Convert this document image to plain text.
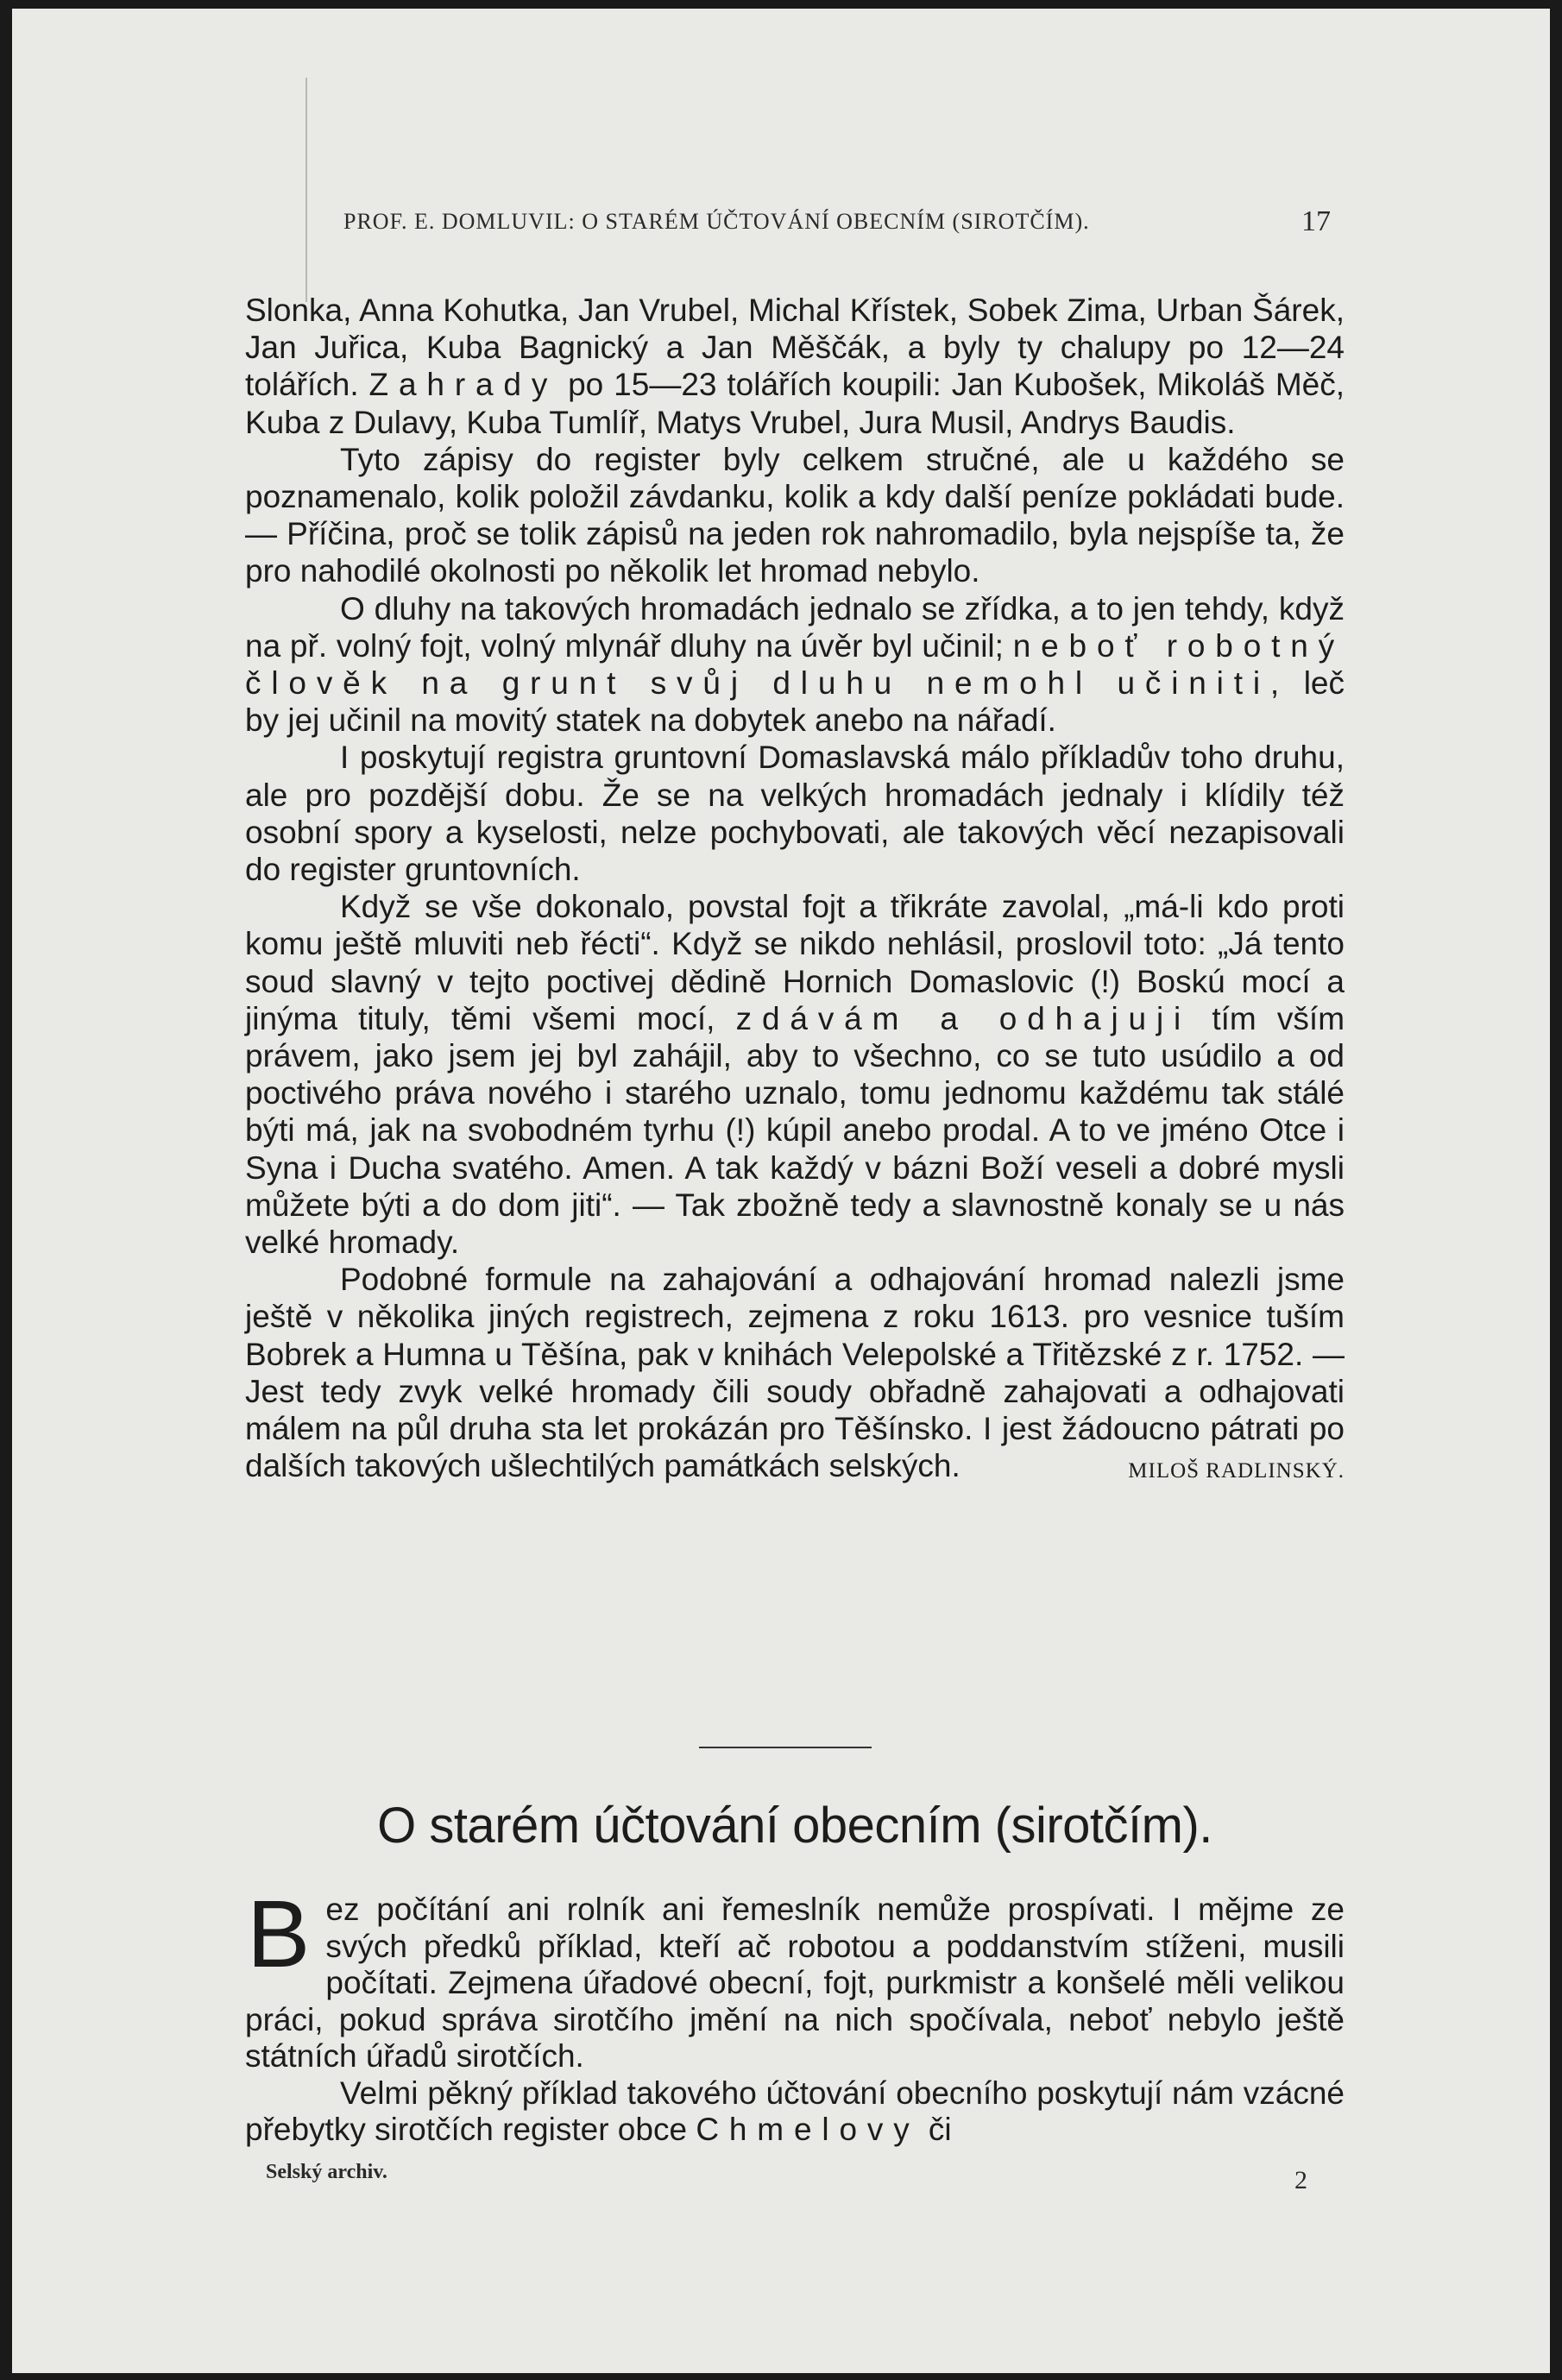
PROF. E. DOMLUVIL: O STARÉM ÚČTOVÁNÍ OBECNÍM (SIROTČÍM).	17

Slonka, Anna Kohutka, Jan Vrubel, Michal Křístek, Sobek Zima, Urban Šárek, Jan Juřica, Kuba Bagnický a Jan Měščák, a byly ty chalupy po 12—24 tolářích. Zahrady po 15—23 tolářích koupili: Jan Kubošek, Mikoláš Měč, Kuba z Dulavy, Kuba Tumlíř, Matys Vrubel, Jura Musil, Andrys Baudis.

Tyto zápisy do register byly celkem stručné, ale u každého se poznamenalo, kolik položil závdanku, kolik a kdy další peníze pokládati bude. — Příčina, proč se tolik zápisů na jeden rok nahromadilo, byla nejspíše ta, že pro nahodilé okolnosti po několik let hromad nebylo.

O dluhy na takových hromadách jednalo se zřídka, a to jen tehdy, když na př. volný fojt, volný mlynář dluhy na úvěr byl učinil; neboť robotný člověk na grunt svůj dluhu nemohl učiniti, leč by jej učinil na movitý statek na dobytek anebo na nářadí.

I poskytují registra gruntovní Domaslavská málo příkladův toho druhu, ale pro pozdější dobu. Že se na velkých hromadách jednaly i klídily též osobní spory a kyselosti, nelze pochybovati, ale takových věcí nezapisovali do register gruntovních.

Když se vše dokonalo, povstal fojt a třikráte zavolal, „má-li kdo proti komu ještě mluviti neb řécti“. Když se nikdo nehlásil, proslovil toto: „Já tento soud slavný v tejto poctivej dědině Hornich Domaslovic (!) Boskú mocí a jinýma tituly, těmi všemi mocí, zdávám a odhajuji tím vším právem, jako jsem jej byl zahájil, aby to všechno, co se tuto usúdilo a od poctivého práva nového i starého uznalo, tomu jednomu každému tak stálé býti má, jak na svobodném tyrhu (!) kúpil anebo prodal. A to ve jméno Otce i Syna i Ducha svatého. Amen. A tak každý v bázni Boží veseli a dobré mysli můžete býti a do dom jiti“. — Tak zbožně tedy a slavnostně konaly se u nás velké hromady.

Podobné formule na zahajování a odhajování hromad nalezli jsme ještě v několika jiných registrech, zejmena z roku 1613. pro vesnice tuším Bobrek a Humna u Těšína, pak v knihách Velepolské a Třitězské z r. 1752. — Jest tedy zvyk velké hromady čili soudy obřadně zahajovati a odhajovati málem na půl druha sta let prokázán pro Těšínsko. I jest žádoucno pátrati po dalších takových ušlechtilých památkách selských.	MILOŠ RADLINSKÝ.

O starém účtování obecním (sirotčím).

B ez počítání ani rolník ani řemeslník nemůže prospívati. I mějme ze svých předků příklad, kteří ač robotou a poddanstvím stíženi, musili počítati. Zejmena úřadové obecní, fojt, purkmistr a konšelé měli velikou práci, pokud správa sirotčího jmění na nich spočívala, neboť nebylo ještě státních úřadů sirotčích.

Velmi pěkný příklad takového účtování obecního poskytují nám vzácné přebytky sirotčích register obce Chmelovy či

Selský archiv.	2
